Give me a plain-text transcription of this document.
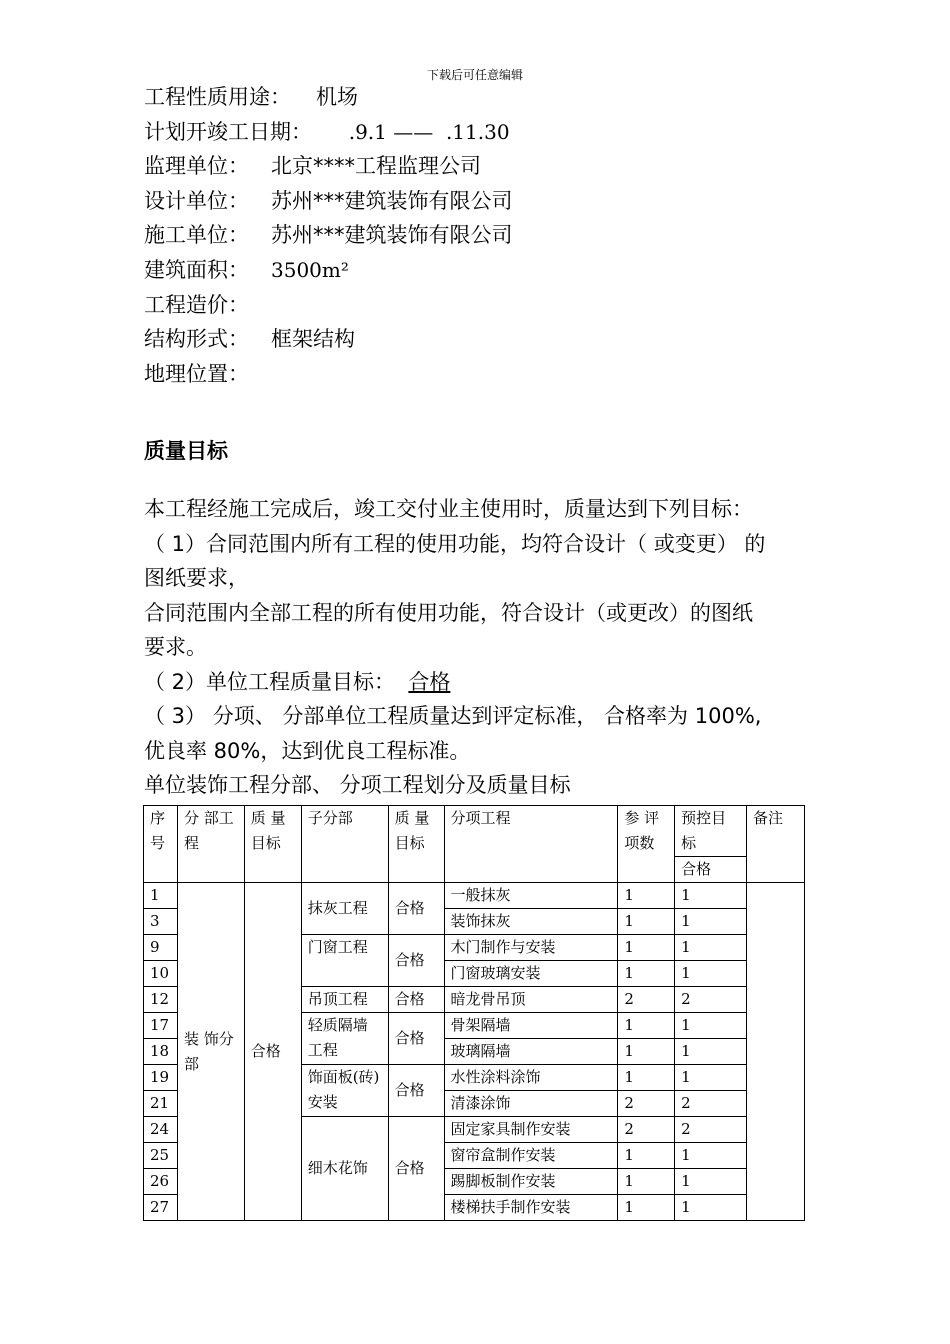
下载后可任意编辑
工程性质用途： 机场
计划开竣工日期：  .9.1 ——  .11.30
监理单位： 北京****工程监理公司
设计单位： 苏州***建筑装饰有限公司
施工单位： 苏州***建筑装饰有限公司
建筑面积： 3500m²
工程造价：
结构形式： 框架结构
地理位置：
质量目标
本工程经施工完成后，竣工交付业主使用时，质量达到下列目标：
（ 1）合同范围内所有工程的使用功能，均符合设计（ 或变更） 的
图纸要求，
合同范围内全部工程的所有使用功能，符合设计（或更改）的图纸
要求。
（ 2）单位工程质量目标：  合格
（ 3） 分项、 分部单位工程质量达到评定标准， 合格率为 100%,
优良率 80%，达到优良工程标准。
单位装饰工程分部、 分项工程划分及质量目标
序号	分 部工程	质 量目标	子分部	质 量目标	分项工程	参 评项数	预控目标	备注
							合格	
1	装 饰分部	合格	抹灰工程	合格	一般抹灰	1	1	
3					装饰抹灰	1	1	
9			门窗工程	合格	木门制作与安装	1	1	
10					门窗玻璃安装	1	1	
12			吊顶工程	合格	暗龙骨吊顶	2	2	
17			轻质隔墙工程	合格	骨架隔墙	1	1	
18					玻璃隔墙	1	1	
19			饰面板(砖)安装	合格	水性涂料涂饰	1	1	
21					清漆涂饰	2	2	
24			细木花饰	合格	固定家具制作安装	2	2	
25					窗帘盒制作安装	1	1	
26					踢脚板制作安装	1	1	
27					楼梯扶手制作安装	1	1	
